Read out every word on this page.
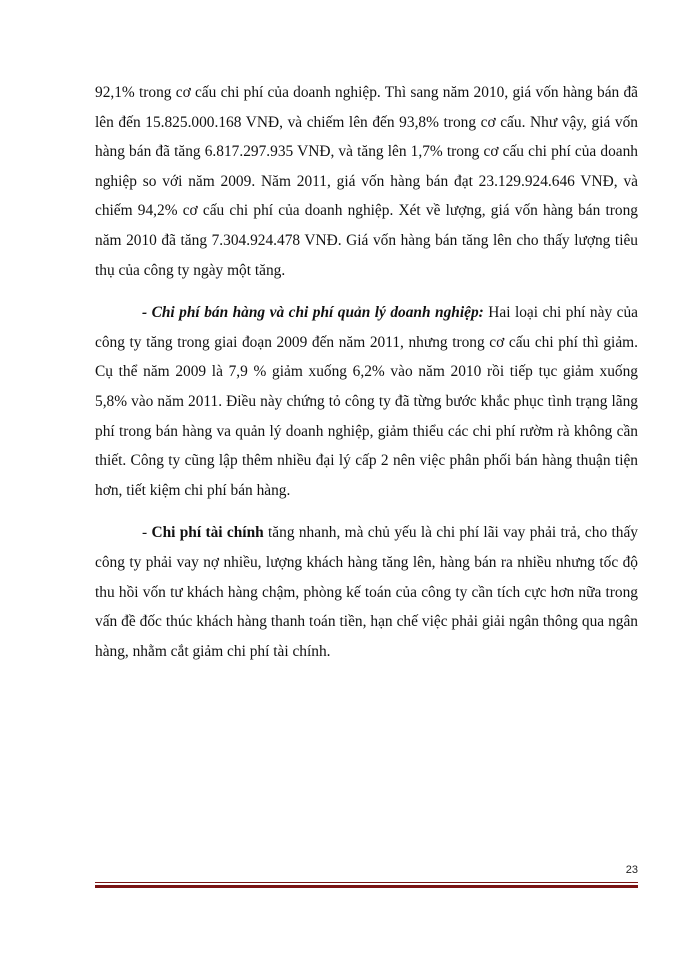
92,1% trong cơ cấu chi phí của doanh nghiệp. Thì sang năm 2010, giá vốn hàng bán đã lên đến 15.825.000.168 VNĐ, và chiếm lên đến 93,8% trong cơ cấu. Như vậy, giá vốn hàng bán đã tăng 6.817.297.935 VNĐ, và tăng lên 1,7% trong cơ cấu chi phí của doanh nghiệp so với năm 2009. Năm 2011, giá vốn hàng bán đạt 23.129.924.646 VNĐ, và chiếm 94,2% cơ cấu chi phí của doanh nghiệp. Xét về lượng, giá vốn hàng bán trong năm 2010 đã tăng 7.304.924.478 VNĐ. Giá vốn hàng bán tăng lên cho thấy lượng tiêu thụ của công ty ngày một tăng.

- Chi phí bán hàng và chi phí quản lý doanh nghiệp: Hai loại chi phí này của công ty tăng trong giai đoạn 2009 đến năm 2011, nhưng trong cơ cấu chi phí thì giảm. Cụ thể năm 2009 là 7,9 % giảm xuống 6,2% vào năm 2010 rồi tiếp tục giảm xuống 5,8% vào năm 2011. Điều này chứng tỏ công ty đã từng bước khắc phục tình trạng lãng phí trong bán hàng va quản lý doanh nghiệp, giảm thiểu các chi phí rườm rà không cần thiết. Công ty cũng lập thêm nhiều đại lý cấp 2 nên việc phân phối bán hàng thuận tiện hơn, tiết kiệm chi phí bán hàng.

- Chi phí tài chính tăng nhanh, mà chủ yếu là chi phí lãi vay phải trả, cho thấy công ty phải vay nợ nhiều, lượng khách hàng tăng lên, hàng bán ra nhiều nhưng tốc độ thu hồi vốn tư khách hàng chậm, phòng kế toán của công ty cần tích cực hơn nữa trong vấn đề đốc thúc khách hàng thanh toán tiền, hạn chế việc phải giải ngân thông qua ngân hàng, nhằm cắt giảm chi phí tài chính.

23
